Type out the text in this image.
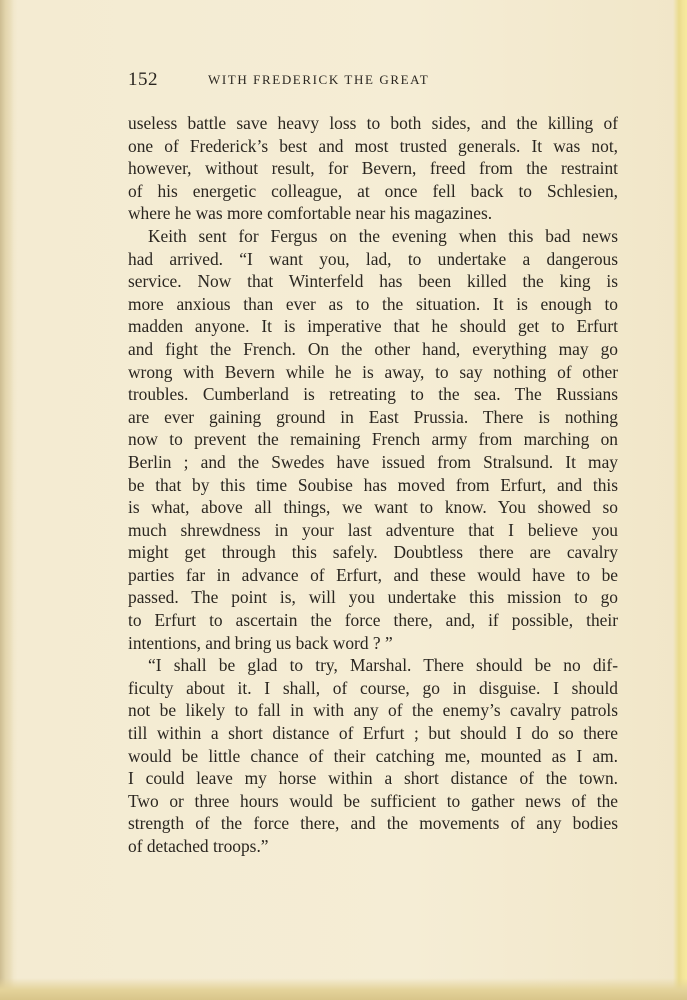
152	WITH FREDERICK THE GREAT
useless battle save heavy loss to both sides, and the killing of
one of Frederick’s best and most trusted generals. It was not,
however, without result, for Bevern, freed from the restraint
of his energetic colleague, at once fell back to Schlesien,
where he was more comfortable near his magazines.
Keith sent for Fergus on the evening when this bad news
had arrived. “I want you, lad, to undertake a dangerous
service. Now that Winterfeld has been killed the king is
more anxious than ever as to the situation. It is enough to
madden anyone. It is imperative that he should get to Erfurt
and fight the French. On the other hand, everything may go
wrong with Bevern while he is away, to say nothing of other
troubles. Cumberland is retreating to the sea. The Russians
are ever gaining ground in East Prussia. There is nothing
now to prevent the remaining French army from marching on
Berlin ; and the Swedes have issued from Stralsund. It may
be that by this time Soubise has moved from Erfurt, and this
is what, above all things, we want to know. You showed so
much shrewdness in your last adventure that I believe you
might get through this safely. Doubtless there are cavalry
parties far in advance of Erfurt, and these would have to be
passed. The point is, will you undertake this mission to go
to Erfurt to ascertain the force there, and, if possible, their
intentions, and bring us back word ? ”
“I shall be glad to try, Marshal. There should be no dif-
ficulty about it. I shall, of course, go in disguise. I should
not be likely to fall in with any of the enemy’s cavalry patrols
till within a short distance of Erfurt ; but should I do so there
would be little chance of their catching me, mounted as I am.
I could leave my horse within a short distance of the town.
Two or three hours would be sufficient to gather news of the
strength of the force there, and the movements of any bodies
of detached troops.”
